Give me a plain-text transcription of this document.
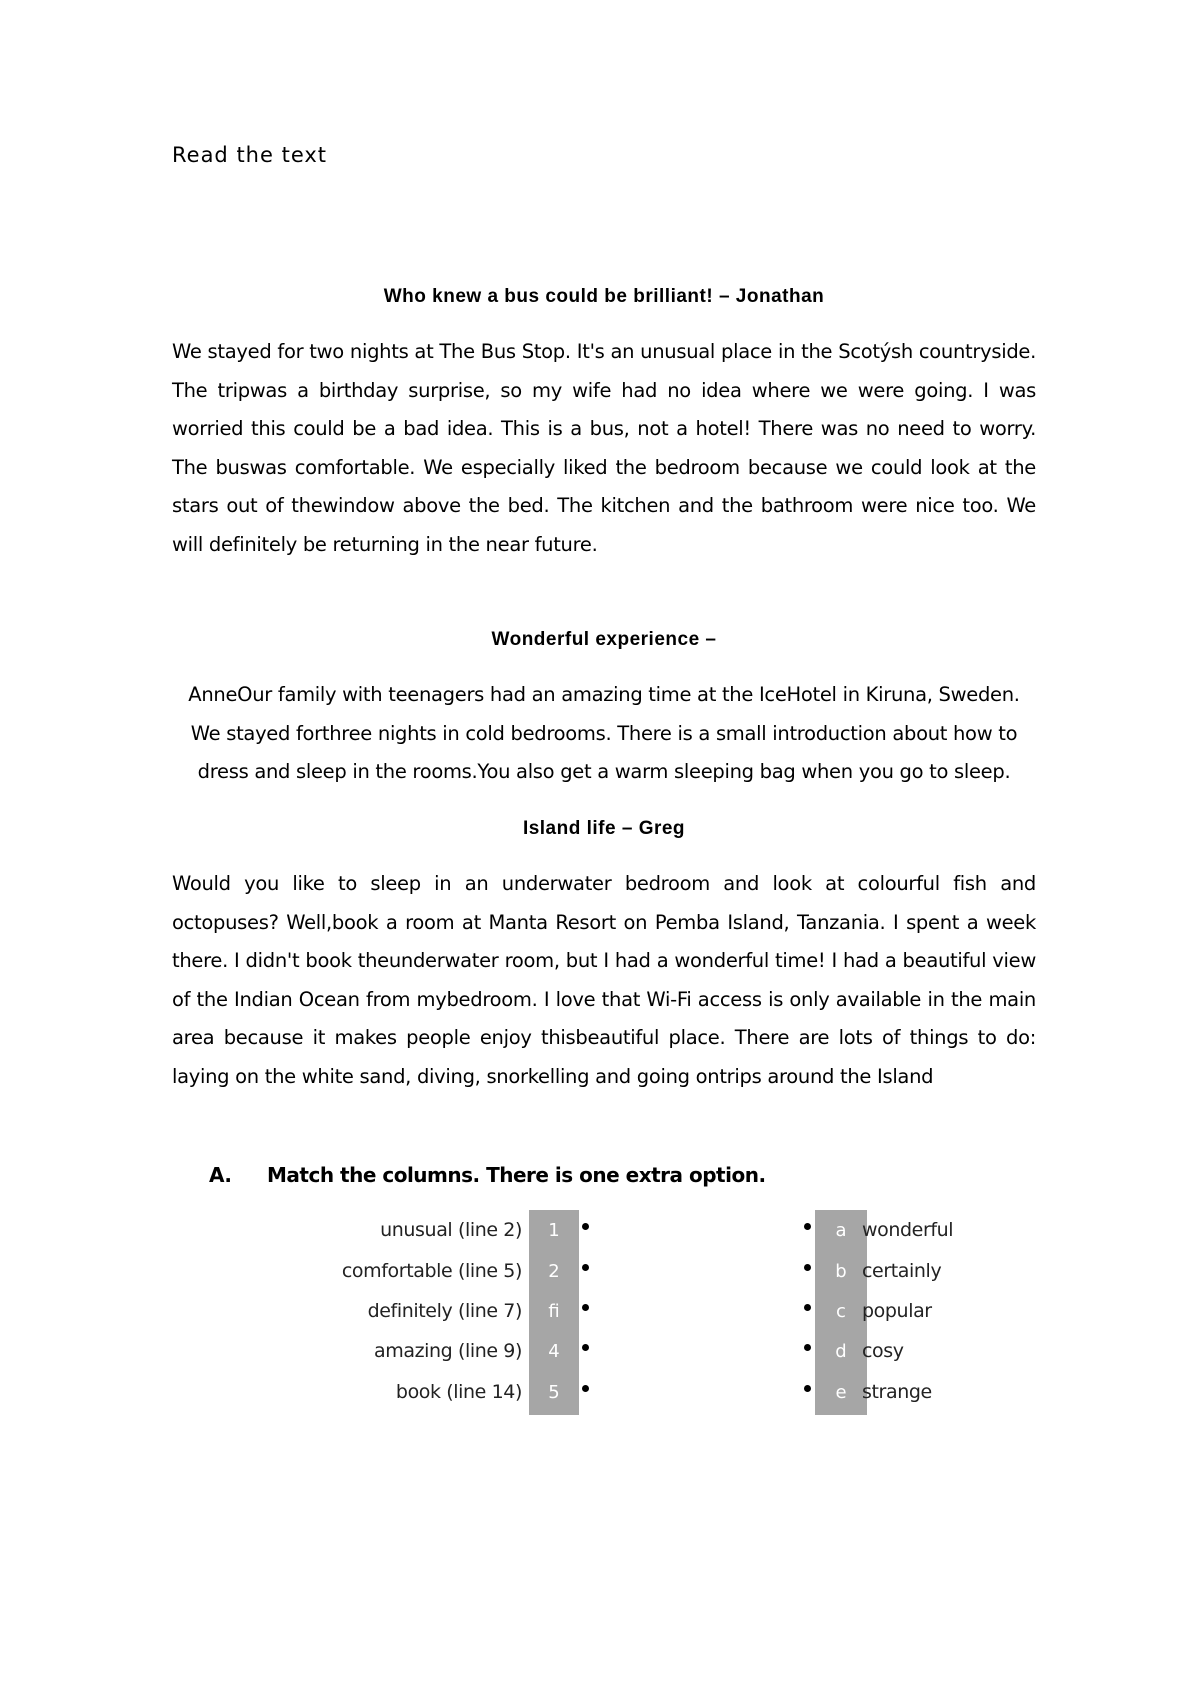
Read the text
Who knew a bus could be brilliant! – Jonathan

We stayed for two nights at The Bus Stop. It's an unusual place in the Scotýsh countryside. The tripwas a birthday surprise, so my wife had no idea where we were going. I was worried this could be a bad idea. This is a bus, not a hotel! There was no need to worry. The buswas comfortable. We especially liked the bedroom because we could look at the stars out of thewindow above the bed. The kitchen and the bathroom were nice too. We will definitely be returning in the near future.

Wonderful experience –

AnneOur family with teenagers had an amazing time at the IceHotel in Kiruna, Sweden. We stayed forthree nights in cold bedrooms. There is a small introduction about how to dress and sleep in the rooms.You also get a warm sleeping bag when you go to sleep.

Island life – Greg

Would you like to sleep in an underwater bedroom and look at colourful fish and octopuses? Well,book a room at Manta Resort on Pemba Island, Tanzania. I spent a week there. I didn't book theunderwater room, but I had a wonderful time! I had a beautiful view of the Indian Ocean from mybedroom. I love that Wi-Fi access is only available in the main area because it makes people enjoy thisbeautiful place. There are lots of things to do: laying on the white sand, diving, snorkelling and going ontrips around the Island

A. Match the columns. There is one extra option.
unusual (line 2)
comfortable (line 5)
definitely (line 7)
amazing (line 9)
book (line 14)
1
2
fi
4
5
a
b
c
d
e
wonderful
certainly
popular
cosy
strange
